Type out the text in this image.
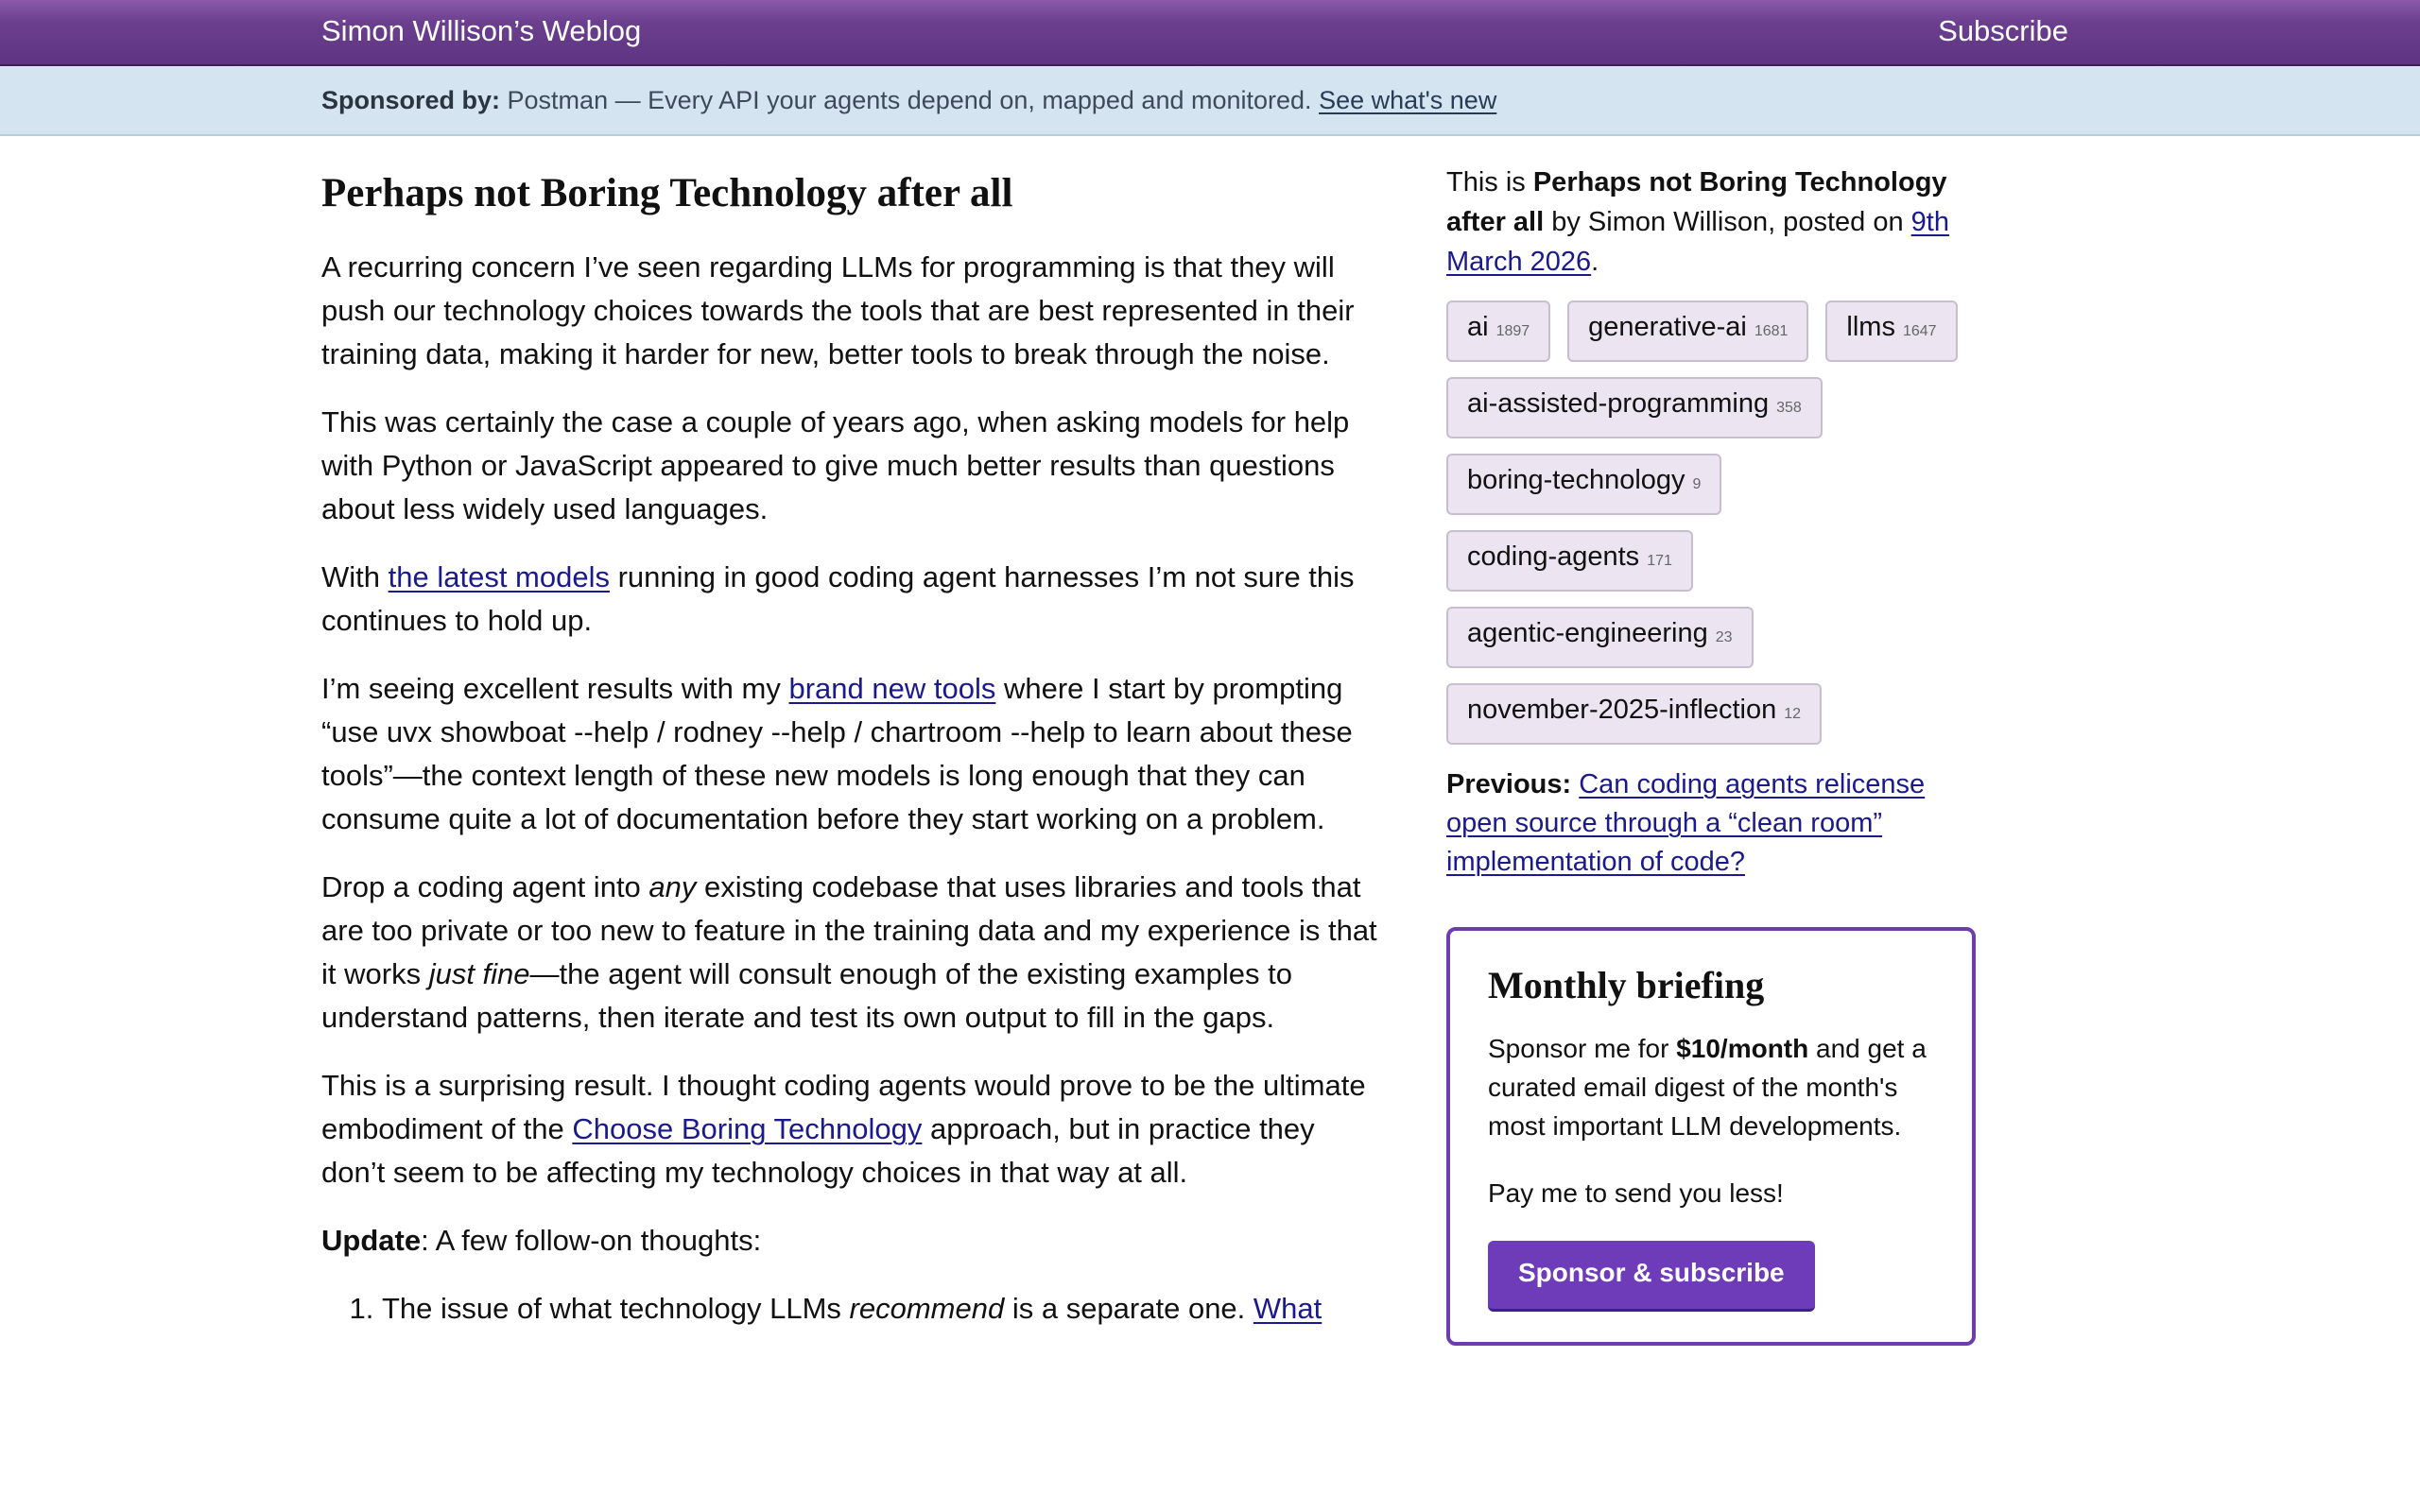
Simon Willison’s Weblog	Subscribe
Sponsored by: Postman — Every API your agents depend on, mapped and monitored. See what's new
Perhaps not Boring Technology after all

A recurring concern I’ve seen regarding LLMs for programming is that they will push our technology choices towards the tools that are best represented in their training data, making it harder for new, better tools to break through the noise.

This was certainly the case a couple of years ago, when asking models for help with Python or JavaScript appeared to give much better results than questions about less widely used languages.

With the latest models running in good coding agent harnesses I’m not sure this continues to hold up.

I’m seeing excellent results with my brand new tools where I start by prompting “use uvx showboat --help / rodney --help / chartroom --help to learn about these tools”—the context length of these new models is long enough that they can consume quite a lot of documentation before they start working on a problem.

Drop a coding agent into any existing codebase that uses libraries and tools that are too private or too new to feature in the training data and my experience is that it works just fine—the agent will consult enough of the existing examples to understand patterns, then iterate and test its own output to fill in the gaps.

This is a surprising result. I thought coding agents would prove to be the ultimate embodiment of the Choose Boring Technology approach, but in practice they don’t seem to be affecting my technology choices in that way at all.

Update: A few follow-on thoughts:

1. The issue of what technology LLMs recommend is a separate one. What

This is Perhaps not Boring Technology after all by Simon Willison, posted on 9th March 2026.

ai 1897 generative-ai 1681 llms 1647
ai-assisted-programming 358
boring-technology 9
coding-agents 171
agentic-engineering 23
november-2025-inflection 12

Previous: Can coding agents relicense open source through a “clean room” implementation of code?

Monthly briefing

Sponsor me for $10/month and get a curated email digest of the month's most important LLM developments.

Pay me to send you less!

Sponsor & subscribe
